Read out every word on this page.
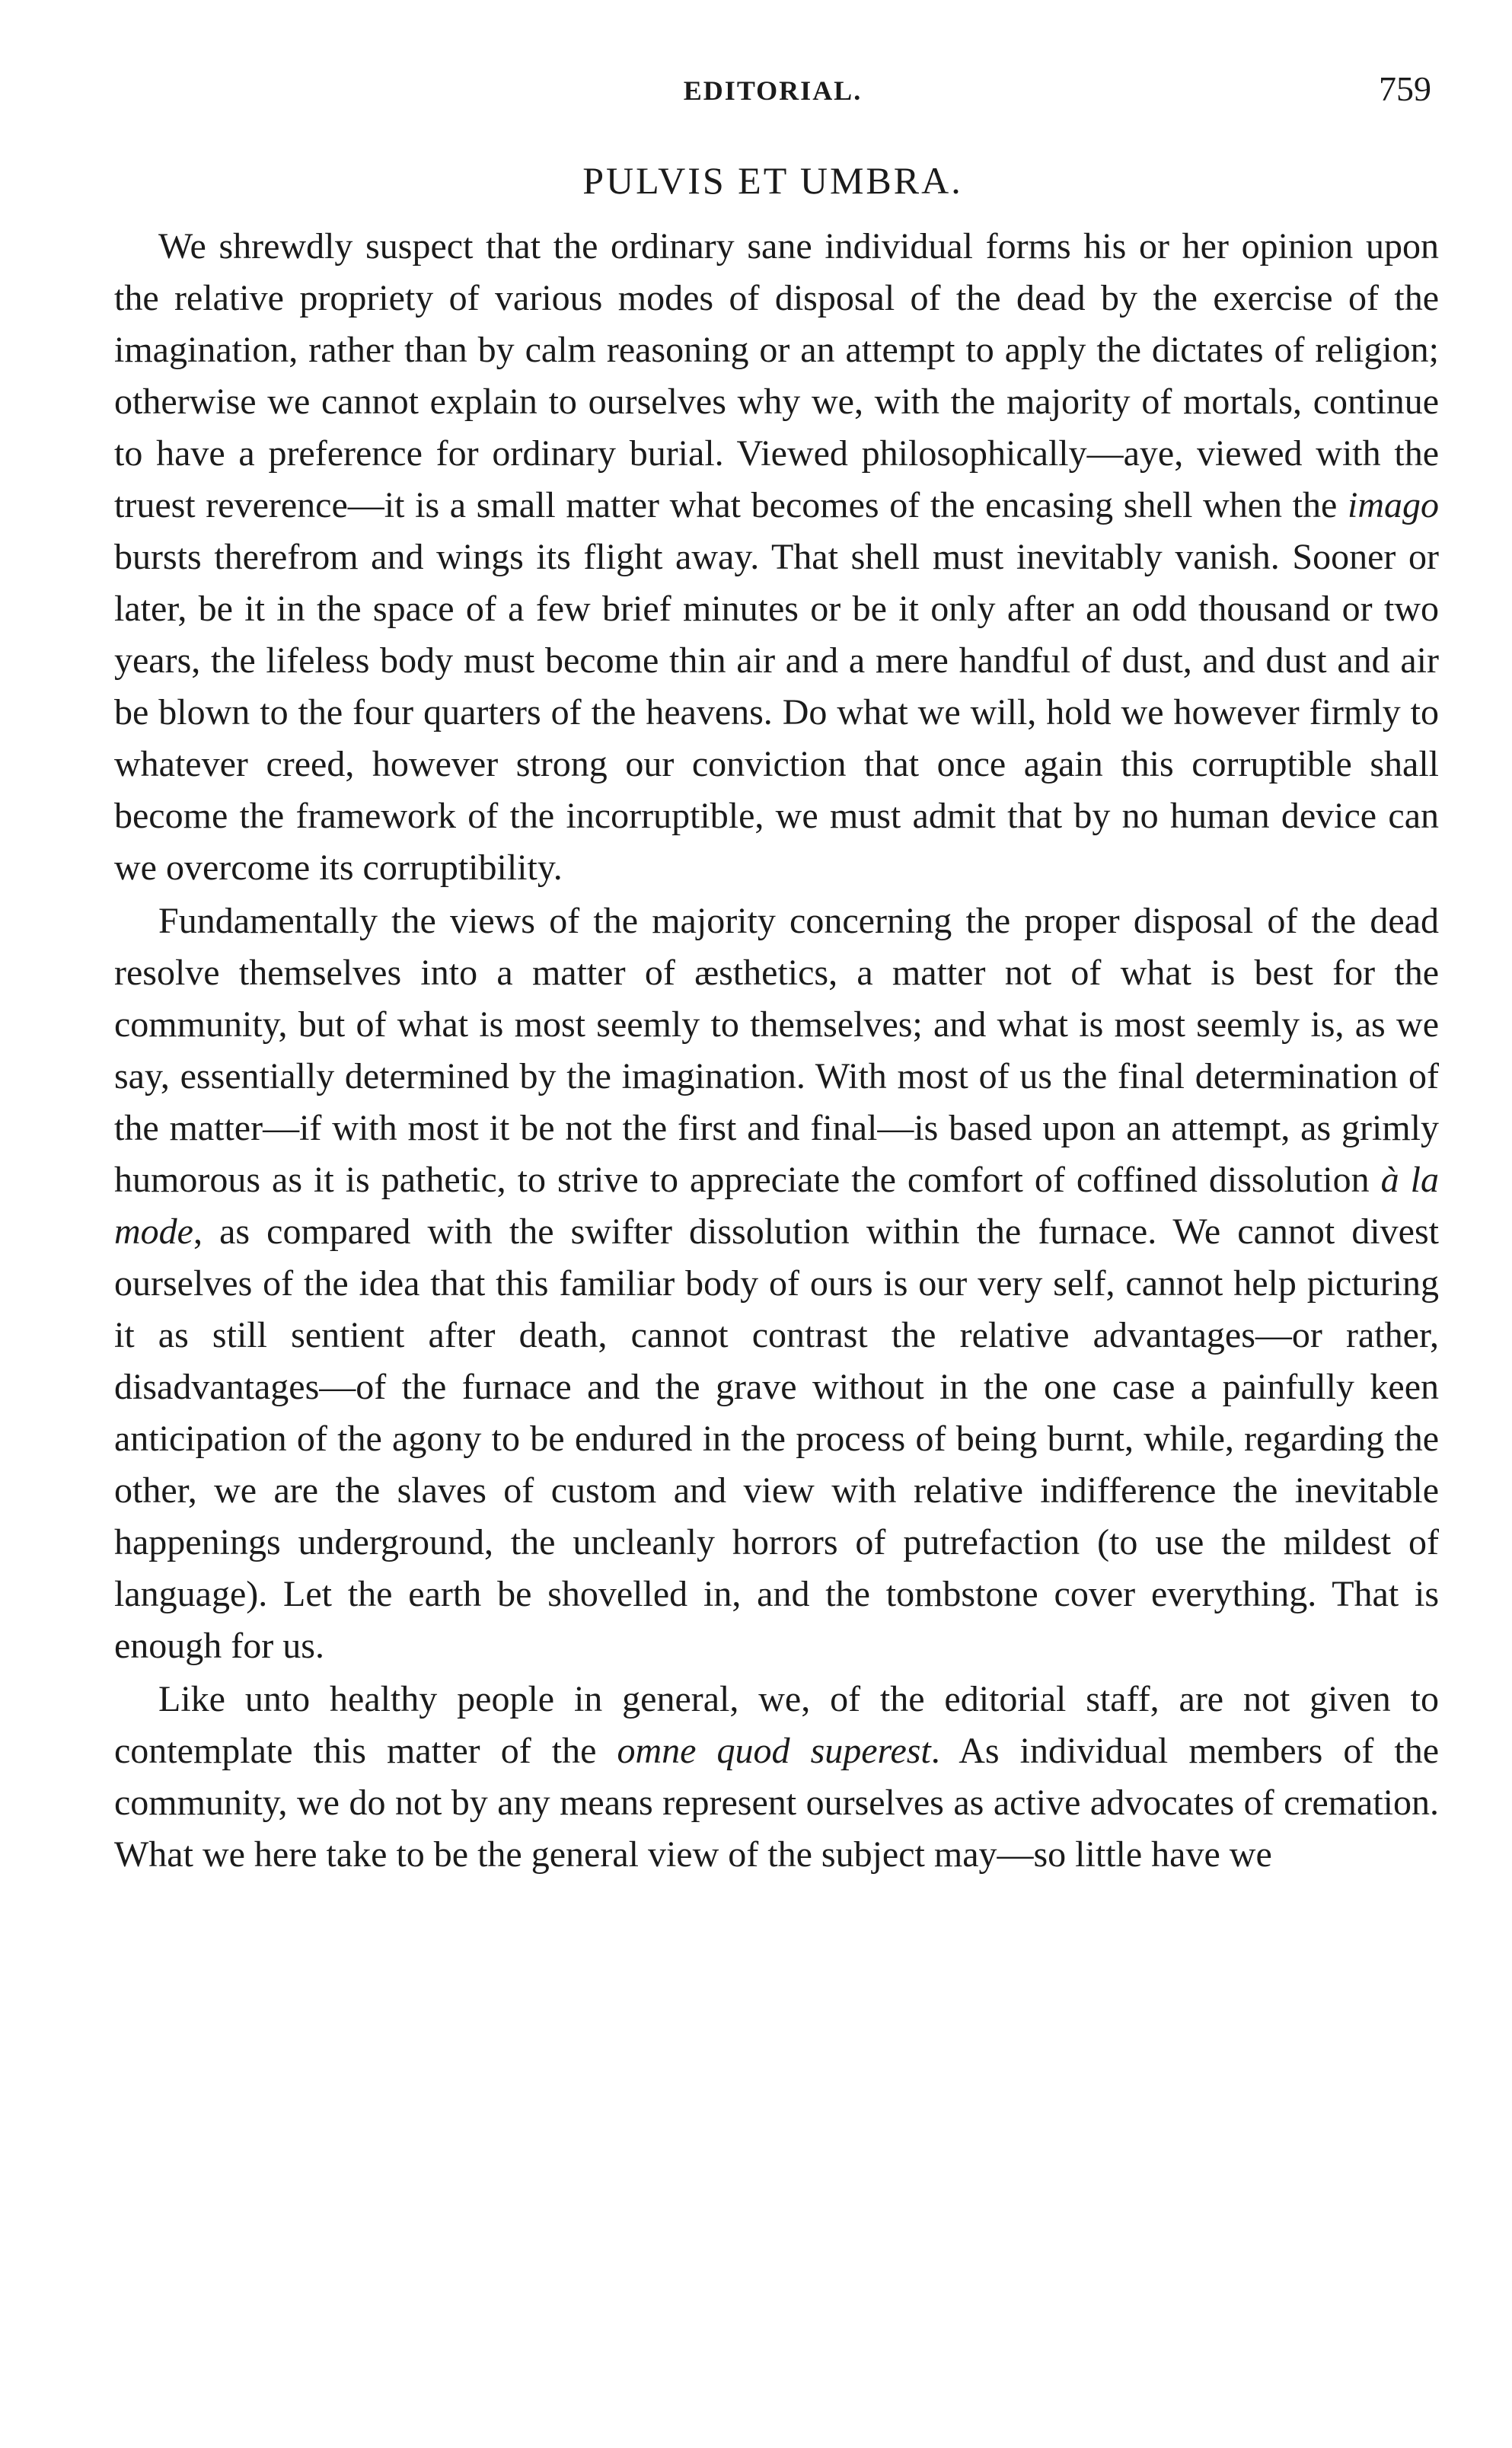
EDITORIAL.	759
PULVIS ET UMBRA.

We shrewdly suspect that the ordinary sane individual forms his or her opinion upon the relative propriety of various modes of disposal of the dead by the exercise of the imagination, rather than by calm reasoning or an attempt to apply the dictates of religion; otherwise we cannot explain to ourselves why we, with the majority of mortals, continue to have a preference for ordinary burial. Viewed philosophically—aye, viewed with the truest reverence—it is a small matter what becomes of the encasing shell when the imago bursts therefrom and wings its flight away. That shell must inevitably vanish. Sooner or later, be it in the space of a few brief minutes or be it only after an odd thousand or two years, the lifeless body must become thin air and a mere handful of dust, and dust and air be blown to the four quarters of the heavens. Do what we will, hold we however firmly to whatever creed, however strong our conviction that once again this corruptible shall become the framework of the incorruptible, we must admit that by no human device can we overcome its corruptibility.

Fundamentally the views of the majority concerning the proper disposal of the dead resolve themselves into a matter of æsthetics, a matter not of what is best for the community, but of what is most seemly to themselves; and what is most seemly is, as we say, essentially determined by the imagination. With most of us the final determination of the matter—if with most it be not the first and final—is based upon an attempt, as grimly humorous as it is pathetic, to strive to appreciate the comfort of coffined dissolution à la mode, as compared with the swifter dissolution within the furnace. We cannot divest ourselves of the idea that this familiar body of ours is our very self, cannot help picturing it as still sentient after death, cannot contrast the relative advantages—or rather, disadvantages—of the furnace and the grave without in the one case a painfully keen anticipation of the agony to be endured in the process of being burnt, while, regarding the other, we are the slaves of custom and view with relative indifference the inevitable happenings underground, the uncleanly horrors of putrefaction (to use the mildest of language). Let the earth be shovelled in, and the tombstone cover everything. That is enough for us.

Like unto healthy people in general, we, of the editorial staff, are not given to contemplate this matter of the omne quod superest. As individual members of the community, we do not by any means represent ourselves as active advocates of cremation. What we here take to be the general view of the subject may—so little have we
